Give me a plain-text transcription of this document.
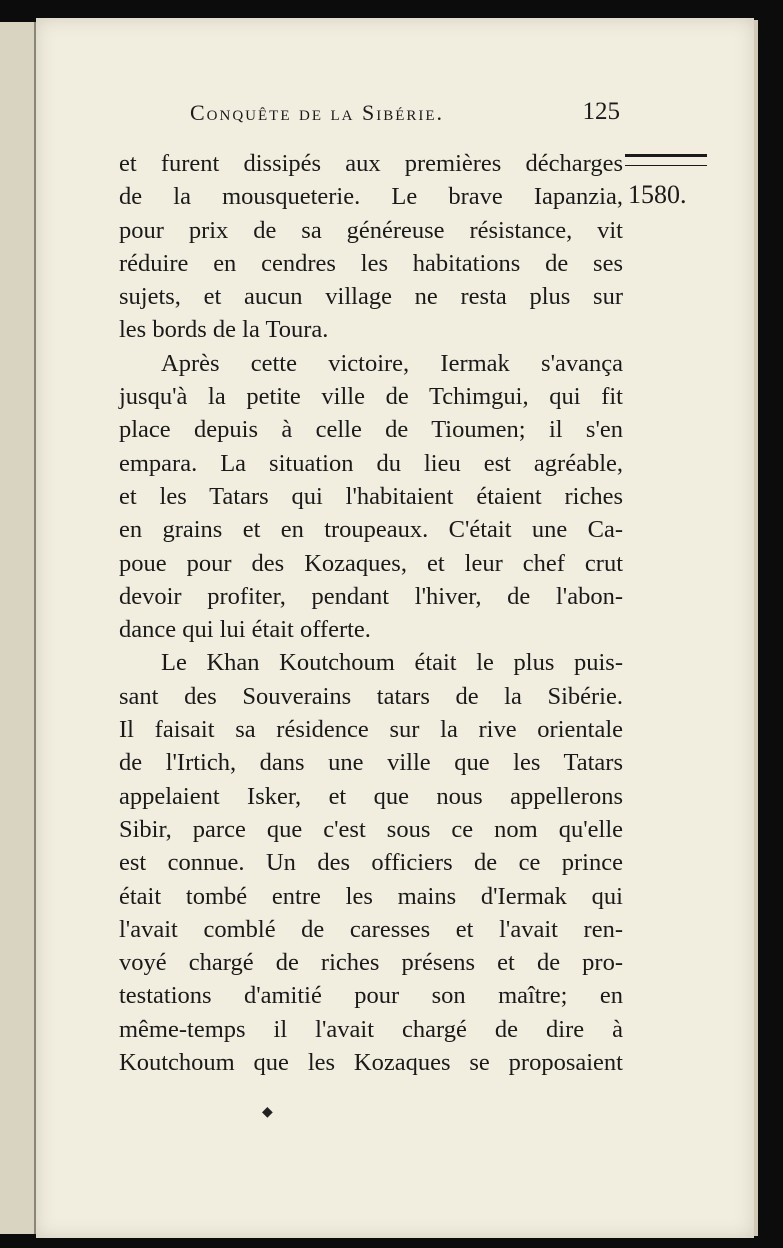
Conquête de la Sibérie.	125
1580.
et furent dissipés aux premières décharges
de la mousqueterie. Le brave Iapanzia,
pour prix de sa généreuse résistance, vit
réduire en cendres les habitations de ses
sujets, et aucun village ne resta plus sur
les bords de la Toura.
Après cette victoire, Iermak s'avança
jusqu'à la petite ville de Tchimgui, qui fit
place depuis à celle de Tioumen; il s'en
empara. La situation du lieu est agréable,
et les Tatars qui l'habitaient étaient riches
en grains et en troupeaux. C'était une Ca-
poue pour des Kozaques, et leur chef crut
devoir profiter, pendant l'hiver, de l'abon-
dance qui lui était offerte.
Le Khan Koutchoum était le plus puis-
sant des Souverains tatars de la Sibérie.
Il faisait sa résidence sur la rive orientale
de l'Irtich, dans une ville que les Tatars
appelaient Isker, et que nous appellerons
Sibir, parce que c'est sous ce nom qu'elle
est connue. Un des officiers de ce prince
était tombé entre les mains d'Iermak qui
l'avait comblé de caresses et l'avait ren-
voyé chargé de riches présens et de pro-
testations d'amitié pour son maître; en
même-temps il l'avait chargé de dire à
Koutchoum que les Kozaques se proposaient
◆
